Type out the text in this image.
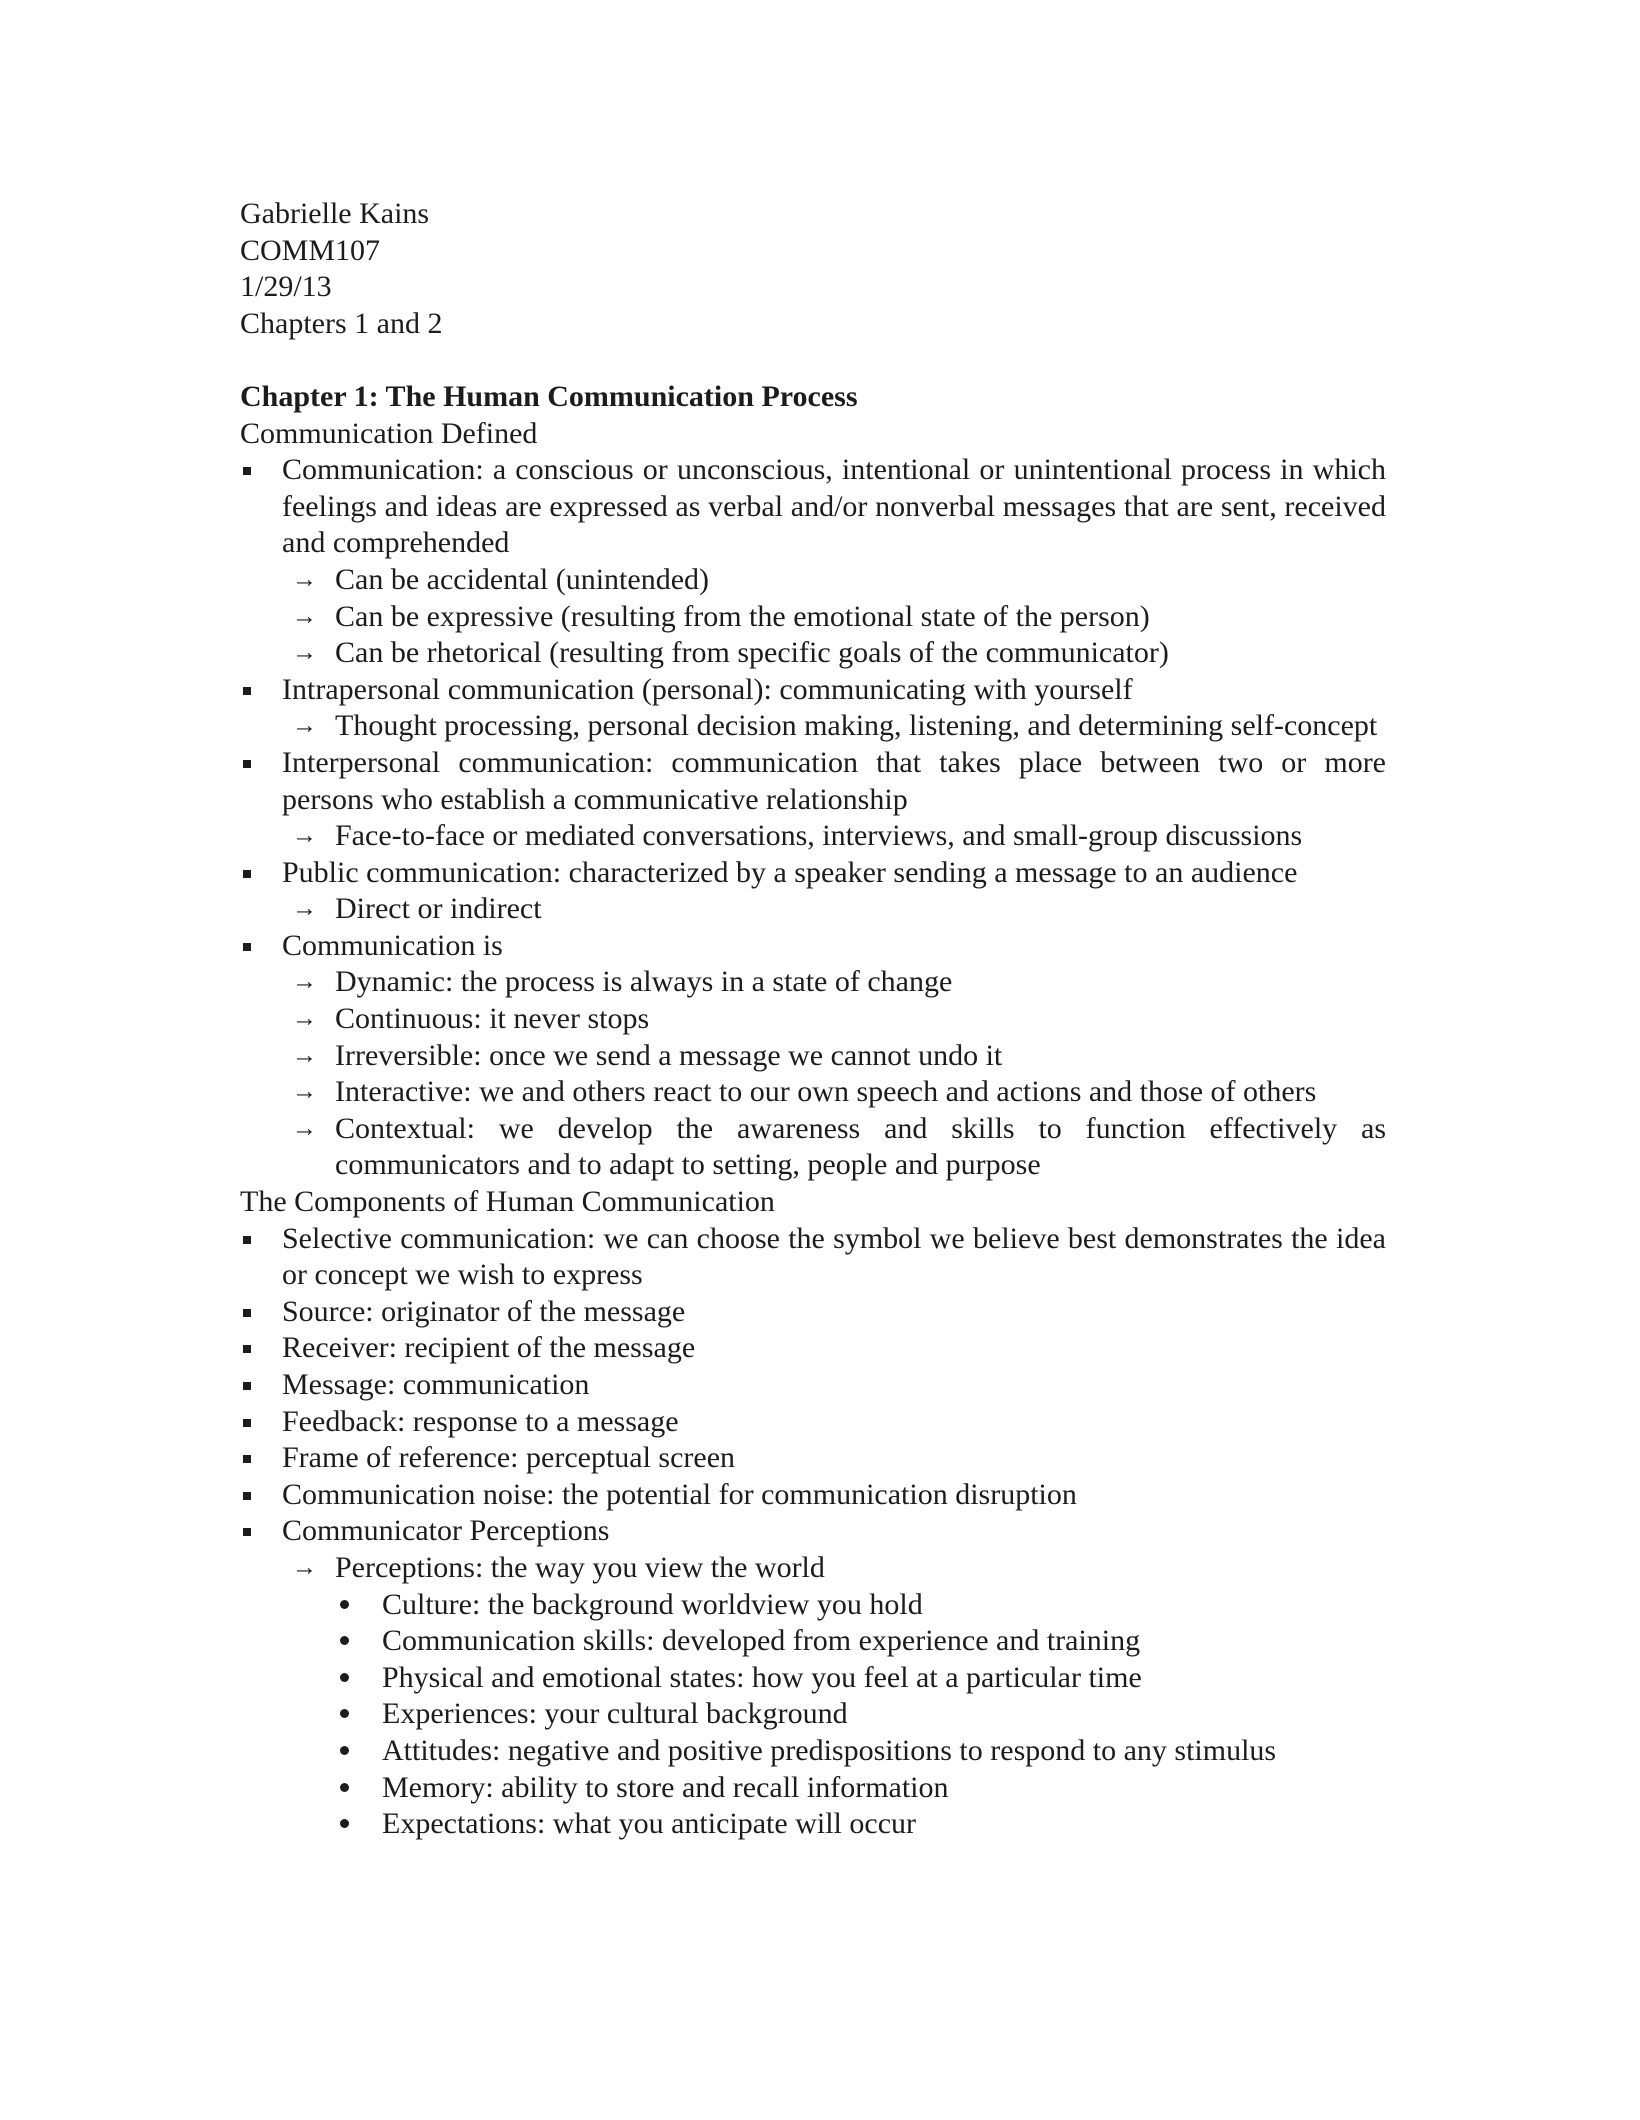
Gabrielle Kains
COMM107
1/29/13
Chapters 1 and 2
Chapter 1: The Human Communication Process
Communication Defined
Communication: a conscious or unconscious, intentional or unintentional process in which feelings and ideas are expressed as verbal and/or nonverbal messages that are sent, received and comprehended
→ Can be accidental (unintended)
→ Can be expressive (resulting from the emotional state of the person)
→ Can be rhetorical (resulting from specific goals of the communicator)
Intrapersonal communication (personal): communicating with yourself
→ Thought processing, personal decision making, listening, and determining self-concept
Interpersonal communication: communication that takes place between two or more persons who establish a communicative relationship
→ Face-to-face or mediated conversations, interviews, and small-group discussions
Public communication: characterized by a speaker sending a message to an audience
→ Direct or indirect
Communication is
→ Dynamic: the process is always in a state of change
→ Continuous: it never stops
→ Irreversible: once we send a message we cannot undo it
→ Interactive: we and others react to our own speech and actions and those of others
→ Contextual: we develop the awareness and skills to function effectively as communicators and to adapt to setting, people and purpose
The Components of Human Communication
Selective communication: we can choose the symbol we believe best demonstrates the idea or concept we wish to express
Source: originator of the message
Receiver: recipient of the message
Message: communication
Feedback: response to a message
Frame of reference: perceptual screen
Communication noise: the potential for communication disruption
Communicator Perceptions
→ Perceptions: the way you view the world
Culture: the background worldview you hold
Communication skills: developed from experience and training
Physical and emotional states: how you feel at a particular time
Experiences: your cultural background
Attitudes: negative and positive predispositions to respond to any stimulus
Memory: ability to store and recall information
Expectations: what you anticipate will occur
